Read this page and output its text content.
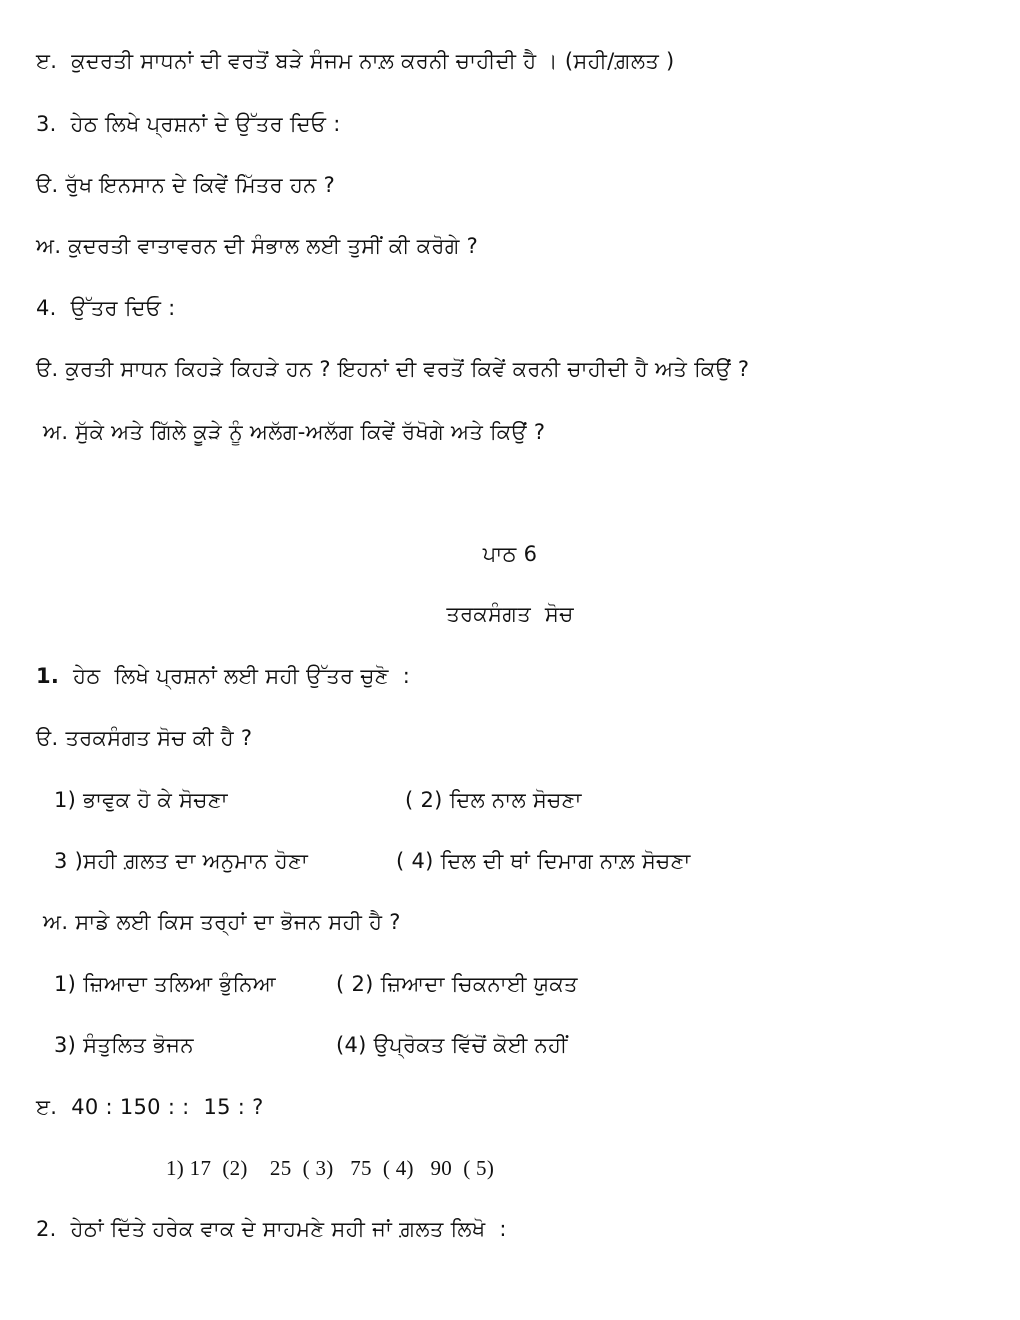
ੲ.  ਕੁਦਰਤੀ ਸਾਧਨਾਂ ਦੀ ਵਰਤੋਂ ਬੜੇ ਸੰਜਮ ਨਾਲ਼ ਕਰਨੀ ਚਾਹੀਦੀ ਹੈ । (ਸਹੀ/ਗ਼ਲਤ )
3.  ਹੇਠ ਲਿਖੇ ਪ੍ਰਸ਼ਨਾਂ ਦੇ ਉੱਤਰ ਦਿਓ :
ੳ. ਰੁੱਖ ਇਨਸਾਨ ਦੇ ਕਿਵੇਂ ਮਿੱਤਰ ਹਨ ?
ਅ. ਕੁਦਰਤੀ ਵਾਤਾਵਰਨ ਦੀ ਸੰਭਾਲ ਲਈ ਤੁਸੀਂ ਕੀ ਕਰੋਗੇ ?
4.  ਉੱਤਰ ਦਿਓ :
ੳ. ਕੁਰਤੀ ਸਾਧਨ ਕਿਹੜੇ ਕਿਹੜੇ ਹਨ ? ਇਹਨਾਂ ਦੀ ਵਰਤੋਂ ਕਿਵੇਂ ਕਰਨੀ ਚਾਹੀਦੀ ਹੈ ਅਤੇ ਕਿਉਂ ?
ਅ. ਸੁੱਕੇ ਅਤੇ ਗਿੱਲੇ ਕੂੜੇ ਨੂੰ ਅਲੱਗ-ਅਲੱਗ ਕਿਵੇਂ ਰੱਖੋਗੇ ਅਤੇ ਕਿਉਂ ?
ਪਾਠ 6
ਤਰਕਸੰਗਤ  ਸੋਚ
1.  ਹੇਠ  ਲਿਖੇ ਪ੍ਰਸ਼ਨਾਂ ਲਈ ਸਹੀ ਉੱਤਰ ਚੁਣੋ  :
ੳ. ਤਰਕਸੰਗਤ ਸੋਚ ਕੀ ਹੈ ?
1) ਭਾਵੁਕ ਹੋ ਕੇ ਸੋਚਣਾ	( 2) ਦਿਲ ਨਾਲ ਸੋਚਣਾ
3 )ਸਹੀ ਗ਼ਲਤ ਦਾ ਅਨੁਮਾਨ ਹੋਣਾ	( 4) ਦਿਲ ਦੀ ਥਾਂ ਦਿਮਾਗ ਨਾਲ਼ ਸੋਚਣਾ
ਅ. ਸਾਡੇ ਲਈ ਕਿਸ ਤਰ੍ਹਾਂ ਦਾ ਭੋਜਨ ਸਹੀ ਹੈ ?
1) ਜ਼ਿਆਦਾ ਤਲਿਆ ਭੁੰਨਿਆ	( 2) ਜ਼ਿਆਦਾ ਚਿਕਨਾਈ ਯੁਕਤ
3) ਸੰਤੁਲਿਤ ਭੋਜਨ	(4) ਉਪ੍ਰੋਕਤ ਵਿੱਚੋਂ ਕੋਈ ਨਹੀਂ
ੲ.  40 : 150 : :  15 : ?
1) 17  (2)    25  ( 3)   75  ( 4)   90  ( 5)
2.  ਹੇਠਾਂ ਦਿੱਤੇ ਹਰੇਕ ਵਾਕ ਦੇ ਸਾਹਮਣੇ ਸਹੀ ਜਾਂ ਗ਼ਲਤ ਲਿਖੋ  :
